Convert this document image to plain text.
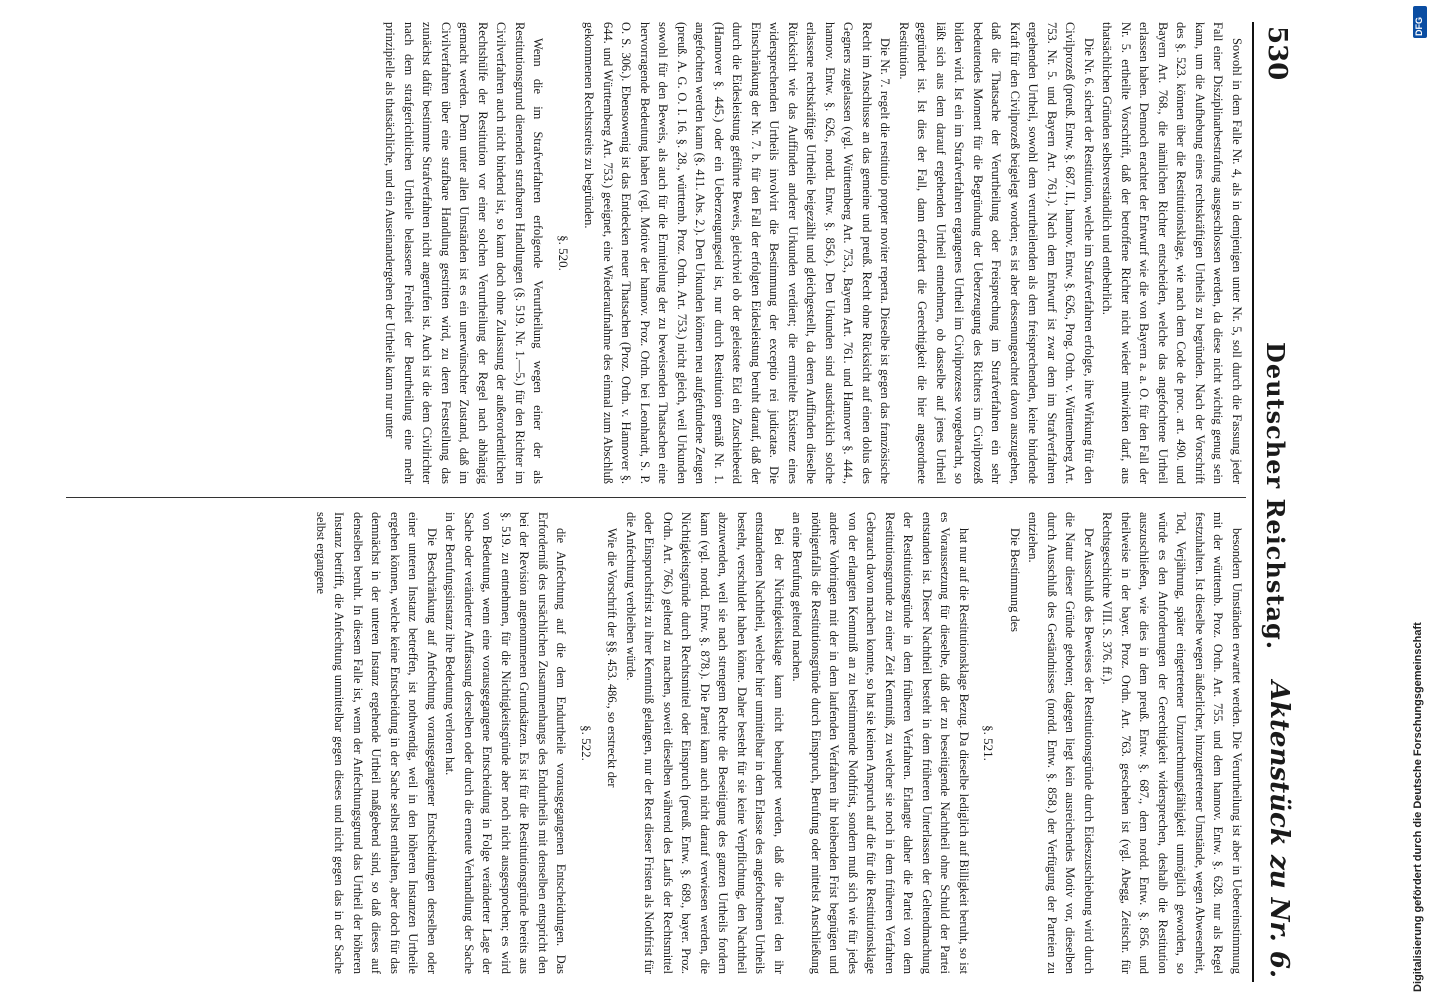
530
Deutscher Reichstag.
Aktenstück zu Nr. 6.

Sowohl in dem Falle Nr. 4, als in demjenigen unter Nr. 5, soll durch die Fassung jeder Fall einer Disziplinarbestrafung ausgeschlossen werden, da diese nicht wichtig genug sein kann, um die Aufhebung eines rechtskräftigen Urtheils zu begründen. Nach der Vorschrift des §. 523. können über die Restitutionsklage, wie nach dem Code de proc. art. 490. und Bayern Art. 768., die nämlichen Richter entscheiden, welche das angefochtene Urtheil erlassen haben. Dennoch erachtet der Entwurf wie die von Bayern a. a. O. für den Fall der Nr. 5. ertheilte Vorschrift, daß der betroffene Richter nicht wieder mitwirken darf, aus thatsächlichen Gründen selbstverständlich und entbehrlich.

Die Nr. 6. sichert der Restitution, welche im Strafverfahren erfolgte, ihre Wirkung für den Civilprozeß (preuß. Entw. §. 687. II., hannov. Entw. §. 626., Prog. Ordn. v. Württemberg Art. 753. Nr. 5. und Bayern Art. 761.). Nach dem Entwurf ist zwar dem im Strafverfahren ergehenden Urtheil, sowohl dem verurtheilenden als dem freisprechenden, keine bindende Kraft für den Civilprozeß beigelegt worden; es ist aber dessenungeachtet davon auszugehen, daß die Thatsache der Verurtheilung oder Freisprechung im Strafverfahren ein sehr bedeutendes Moment für die Begründung der Ueberzeugung des Richters im Civilprozeß bilden wird. Ist ein im Strafverfahren ergangenes Urtheil im Civilprozesse vorgebracht, so läßt sich aus dem darauf ergehenden Urtheil entnehmen, ob dasselbe auf jenes Urtheil gegründet ist. Ist dies der Fall, dann erfordert die Gerechtigkeit die hier angeordnete Restitution.

Die Nr. 7. regelt die restitutio propter noviter reperta. Dieselbe ist gegen das französische Recht im Anschlusse an das gemeine und preuß. Recht ohne Rücksicht auf einen dolus des Gegners zugelassen (vgl. Württemberg Art. 753., Bayern Art. 761. und Hannover §. 444., hannov. Entw. §. 626., nordd. Entw. §. 856.). Den Urkunden sind ausdrücklich solche erlassene rechtskräftige Urtheile beigezählt und gleichgestellt, da deren Auffinden dieselbe Rücksicht wie das Auffinden anderer Urkunden verdient; die ermittelte Existenz eines widersprechenden Urtheils involvirt die Bestimmung der exceptio rei judicatae. Die Einschränkung der Nr. 7. b. für den Fall der erfolgten Eidesleistung beruht darauf, daß der durch die Eidesleistung geführte Beweis, gleichviel ob der geleistete Eid ein Zuschiebeeid (Hannover §. 445.) oder ein Ueberzeugungseid ist, nur durch Restitution gemäß Nr. 1. angefochten werden kann (§. 411. Abs. 2.). Den Urkunden können neu aufgefundene Zeugen (preuß. A. G. O. I. 16. §. 28., württemb. Proz. Ordn. Art. 753.) nicht gleich, weil Urkunden sowohl für den Beweis, als auch für die Ermittelung der zu beweisenden Thatsachen eine hervorragende Bedeutung haben (vgl. Motive der hannov. Proz. Ordn. bei Leonhardt, S. P. O. S. 306.). Ebensowenig ist das Entdecken neuer Thatsachen (Proz. Ordn. v. Hannover §. 644. und Württemberg Art. 753.) geeignet, eine Wiederaufnahme des einmal zum Abschluß gekommenen Rechtsstreits zu begründen.

§. 520.

Wenn die im Strafverfahren erfolgende Verurtheilung wegen einer der als Restitutionsgrund dienenden strafbaren Handlungen (§. 519. Nr. 1.—5.) für den Richter im Civilverfahren auch nicht bindend ist, so kann doch ohne Zulassung der außerordentlichen Rechtshülfe der Restitution vor einer solchen Verurtheilung der Regel nach abhängig gemacht werden. Denn unter allen Umständen ist es ein unerwünschter Zustand, daß im Civilverfahren über eine strafbare Handlung gestritten wird, zu deren Feststellung das zunächst dafür bestimmte Strafverfahren nicht angerufen ist. Auch ist die dem Civilrichter nach dem strafgerichtlichen Urtheile belassene Freiheit der Beurtheilung eine mehr prinzipielle als thatsächliche, und ein Auseinandergehen der Urtheile kann nur unter

besondern Umständen erwartet werden. Die Verurtheilung ist aber in Uebereinstimmung mit der württemb. Proz. Ordn. Art. 755. und dem hannov. Entw. §. 628. nur als Regel festzuhalten. Ist dieselbe wegen äußerlicher, hinzugetretener Umstände, wegen Abwesenheit, Tod, Verjährung, später eingetretener Unzurechnungsfähigkeit unmöglich geworden, so würde es den Anforderungen der Gerechtigkeit widersprechen, deshalb die Restitution auszuschließen, wie dies in dem preuß. Entw. §. 687., dem nordd. Entw. §. 856. und theilweise in der bayer. Proz. Ordn. Art. 763. geschehen ist (vgl. Abegg, Zeitschr. für Rechtsgeschichte VIII. S. 376. ff.).

Der Ausschluß des Beweises der Restitutionsgründe durch Eideszuschiebung wird durch die Natur dieser Gründe geboten; dagegen liegt kein ausreichendes Motiv vor, dieselben durch Ausschluß des Geständnisses (nordd. Entw. §. 858.) der Verfügung der Parteien zu entziehen.

Die Bestimmung des

§. 521.

hat nur auf die Restitutionsklage Bezug. Da dieselbe lediglich auf Billigkeit beruht, so ist es Voraussetzung für dieselbe, daß der zu beseitigende Nachtheil ohne Schuld der Partei entstanden ist. Dieser Nachtheil besteht in dem früheren Unterlassen der Geltendmachung der Restitutionsgründe in dem früheren Verfahren. Erlangte daher die Partei von dem Restitutionsgrunde zu einer Zeit Kenntniß, zu welcher sie noch in dem früheren Verfahren Gebrauch davon machen konnte, so hat sie keinen Anspruch auf die für die Restitutionsklage von der erlangten Kenntniß an zu bestimmende Nothfrist, sondern muß sich wie für jedes andere Vorbringen mit der in dem laufenden Verfahren ihr bleibenden Frist begnügen und nöthigenfalls die Restitutionsgründe durch Einspruch, Berufung oder mittelst Anschließung an eine Berufung geltend machen.

Bei der Nichtigkeitsklage kann nicht behauptet werden, daß die Partei den ihr entstandenen Nachtheil, welcher hier unmittelbar in dem Erlasse des angefochtenen Urtheils besteht, verschuldet haben könne. Daher besteht für sie keine Verpflichtung, den Nachtheil abzuwenden, weil sie nach strengem Rechte die Beseitigung des ganzen Urtheils fordern kann (vgl. nordd. Entw. §. 878.). Die Partei kann auch nicht darauf verwiesen werden, die Nichtigkeitsgründe durch Rechtsmittel oder Einspruch (preuß. Entw. §. 689., bayer. Proz. Ordn. Art. 766.) geltend zu machen, soweit dieselben während des Laufs der Rechtsmittel oder Einspruchsfrist zu ihrer Kenntniß gelangen, nur der Rest dieser Fristen als Nothfrist für die Anfechtung verbleiben würde.

Wie die Vorschrift der §§. 453. 486., so erstreckt der

§. 522.

die Anfechtung auf die dem Endurtheile vorausgegangenen Entscheidungen. Das Erforderniß des ursächlichen Zusammenhangs des Endurtheils mit denselben entspricht den bei der Revision angenommenen Grundsätzen. Es ist für die Restitutionsgründe bereits aus §. 519. zu entnehmen, für die Nichtigkeitsgründe aber noch nicht ausgesprochen; es wird von Bedeutung, wenn eine vorausgegangene Entscheidung in Folge veränderter Lage der Sache oder veränderter Auffassung derselben oder durch die erneute Verhandlung der Sache in der Berufungsinstanz ihre Bedeutung verloren hat.

Die Beschränkung auf Anfechtung vorausgegangener Entscheidungen derselben oder einer unteren Instanz betreffen, ist nothwendig, weil in den höheren Instanzen Urtheile ergehen können, welche keine Entscheidung in der Sache selbst enthalten, aber doch für das demnächst in der unteren Instanz ergehende Urtheil maßgebend sind, so daß dieses auf denselben beruht. In diesem Falle ist, wenn der Anfechtungsgrund das Urtheil der höheren Instanz betrifft, die Anfechtung unmittelbar gegen dieses und nicht gegen das in der Sache selbst ergangene

DFG
Digitalisierung gefördert durch die Deutsche Forschungsgemeinschaft
